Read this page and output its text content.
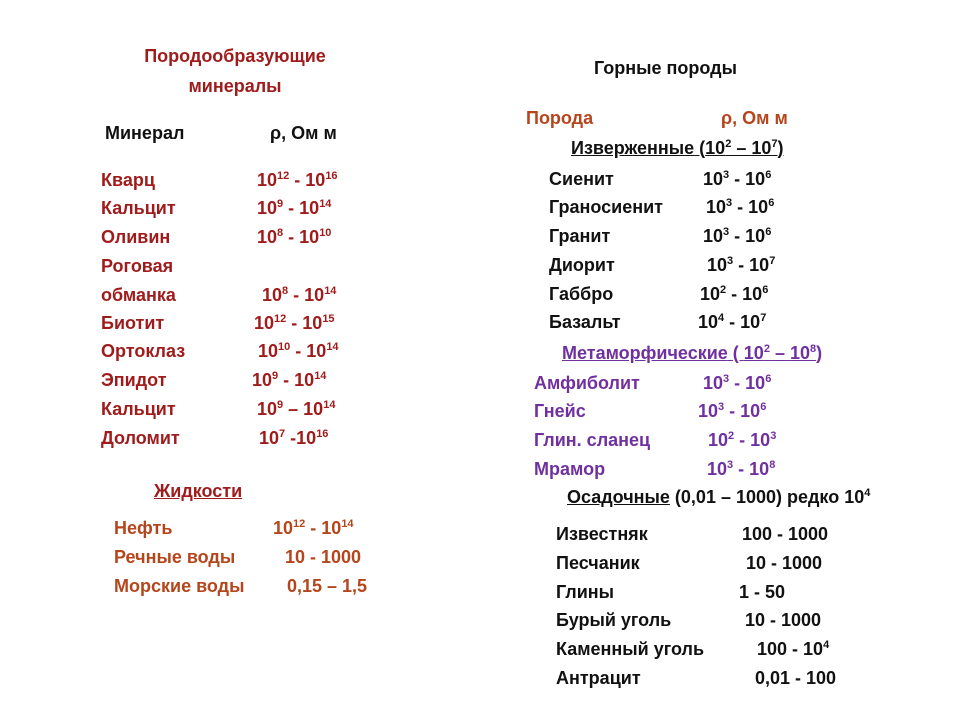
Породообразующие
минералы
Минерал	ρ, Ом м
Кварц	$10^{12} - 10^{16}$
Кальцит	$10^9 - 10^{14}$
Оливин	$10^8 - 10^{10}$
Роговая
обманка	$10^8 - 10^{14}$
Биотит	$10^{12} - 10^{15}$
Ортоклаз	$10^{10} - 10^{14}$
Эпидот	$10^9 - 10^{14}$
Кальцит	$10^9 - 10^{14}$
Доломит	$10^7$ $-10^{16}$
Жидкости
Нефть	$10^{12} - 10^{14}$
Речные воды	10 - 1000
Морские воды 0,15 – 1,5
Горные породы
Порода	ρ, Ом м
Изверженные $(10^2 - 10^7)$
Сиенит	$10^3 - 10^6$
Граносиенит $10^3 - 10^6$
Гранит	$10^3 - 10^6$
Диорит	$10^3 - 10^7$
Габбро	$10^2 - 10^6$
Базальт	$10^4 - 10^7$
Метаморфические ( $10^2 - 10^8$)
Амфиболит	$10^3 - 10^6$
Гнейс	$10^3 - 10^6$
Глин. сланец	$10^2 - 10^3$
Мрамор	$10^3 - 10^8$
Осадочные (0,01 – 1000) редко $10^4$
Известняк	100 - 1000
Песчаник	10 - 1000
Глины	1 - 50
Бурый уголь	10 - 1000
Каменный уголь	$100 - 10^4$
Антрацит	0,01 - 100
